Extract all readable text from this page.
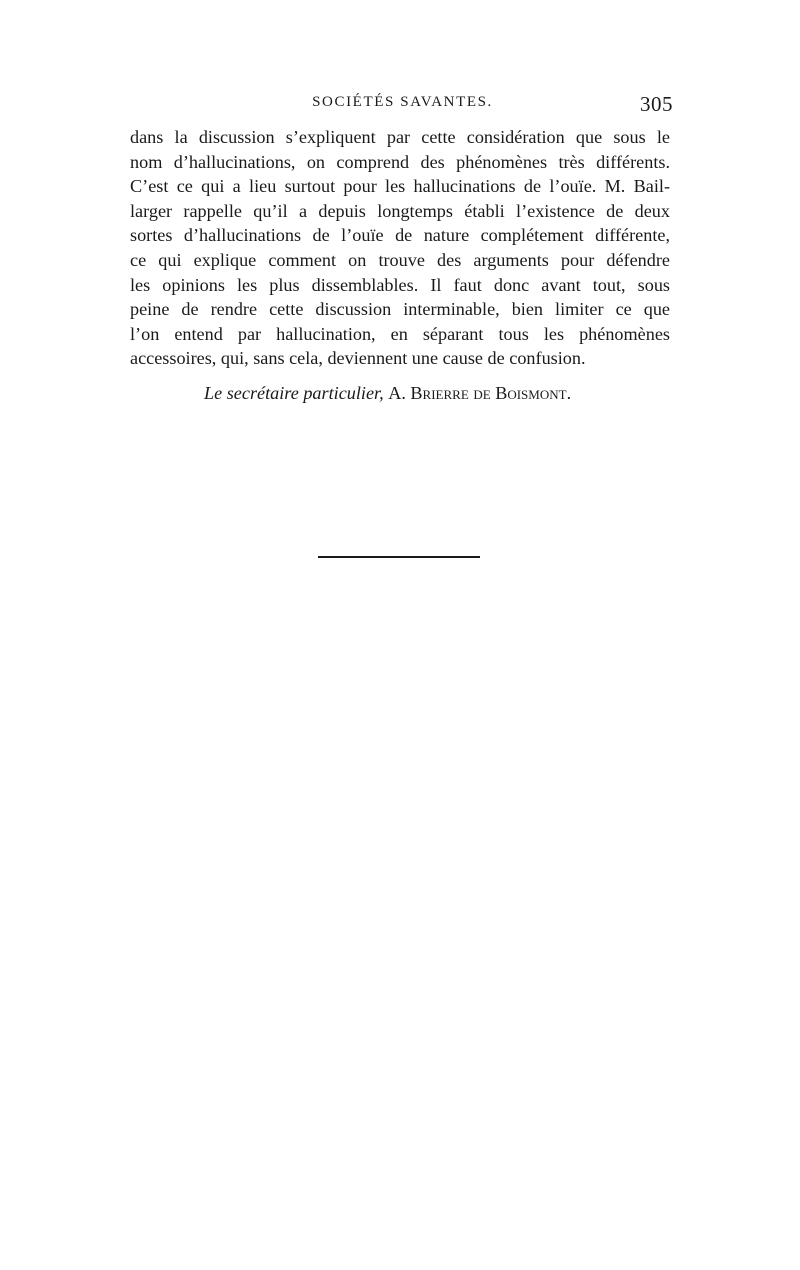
SOCIÉTÉS SAVANTES.	305

dans la discussion s’expliquent par cette considération que sous le
nom d’hallucinations, on comprend des phénomènes très différents.
C’est ce qui a lieu surtout pour les hallucinations de l’ouïe. M. Bail-
larger rappelle qu’il a depuis longtemps établi l’existence de deux
sortes d’hallucinations de l’ouïe de nature complétement différente,
ce qui explique comment on trouve des arguments pour défendre
les opinions les plus dissemblables. Il faut donc avant tout, sous
peine de rendre cette discussion interminable, bien limiter ce que
l’on entend par hallucination, en séparant tous les phénomènes
accessoires, qui, sans cela, deviennent une cause de confusion.

Le secrétaire particulier, A. Brierre de Boismont.
